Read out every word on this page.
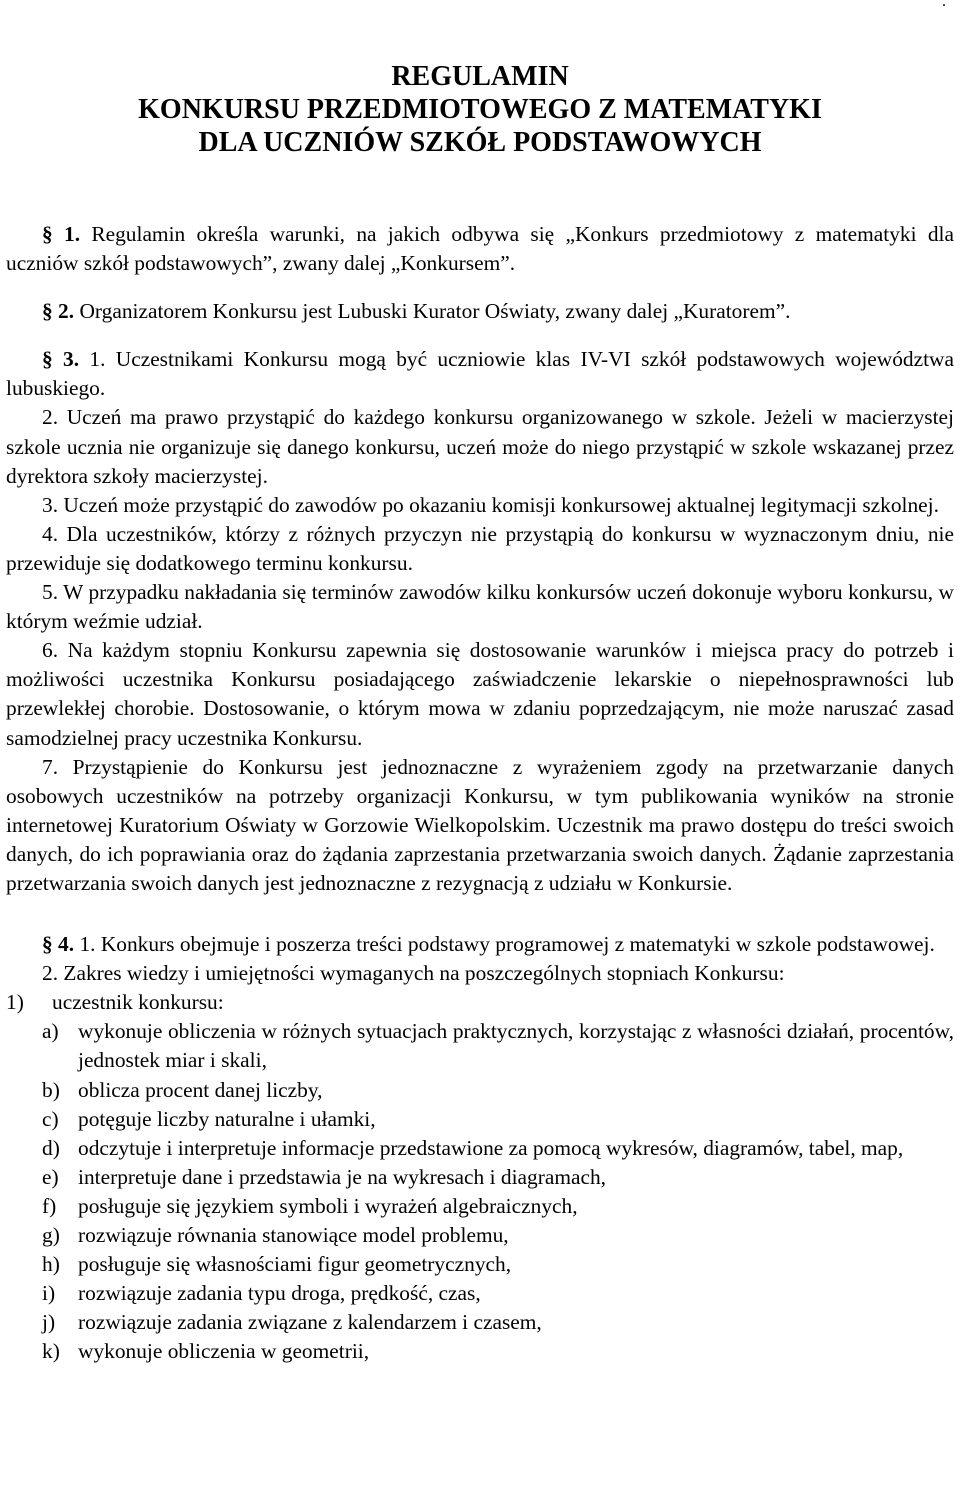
.
REGULAMIN
KONKURSU PRZEDMIOTOWEGO Z MATEMATYKI
DLA UCZNIÓW SZKÓŁ PODSTAWOWYCH

§ 1. Regulamin określa warunki, na jakich odbywa się „Konkurs przedmiotowy z matematyki dla uczniów szkół podstawowych”, zwany dalej „Konkursem”.

§ 2. Organizatorem Konkursu jest Lubuski Kurator Oświaty, zwany dalej „Kuratorem”.

§ 3. 1. Uczestnikami Konkursu mogą być uczniowie klas IV-VI szkół podstawowych województwa lubuskiego.

2. Uczeń ma prawo przystąpić do każdego konkursu organizowanego w szkole. Jeżeli w macierzystej szkole ucznia nie organizuje się danego konkursu, uczeń może do niego przystąpić w szkole wskazanej przez dyrektora szkoły macierzystej.

3. Uczeń może przystąpić do zawodów po okazaniu komisji konkursowej aktualnej legitymacji szkolnej.

4. Dla uczestników, którzy z różnych przyczyn nie przystąpią do konkursu w wyznaczonym dniu, nie przewiduje się dodatkowego terminu konkursu.

5. W przypadku nakładania się terminów zawodów kilku konkursów uczeń dokonuje wyboru konkursu, w którym weźmie udział.

6. Na każdym stopniu Konkursu zapewnia się dostosowanie warunków i miejsca pracy do potrzeb i możliwości uczestnika Konkursu posiadającego zaświadczenie lekarskie o niepełnosprawności lub przewlekłej chorobie. Dostosowanie, o którym mowa w zdaniu poprzedzającym, nie może naruszać zasad samodzielnej pracy uczestnika Konkursu.

7. Przystąpienie do Konkursu jest jednoznaczne z wyrażeniem zgody na przetwarzanie danych osobowych uczestników na potrzeby organizacji Konkursu, w tym publikowania wyników na stronie internetowej Kuratorium Oświaty w Gorzowie Wielkopolskim. Uczestnik ma prawo dostępu do treści swoich danych, do ich poprawiania oraz do żądania zaprzestania przetwarzania swoich danych. Żądanie zaprzestania przetwarzania swoich danych jest jednoznaczne z rezygnacją z udziału w Konkursie.

§ 4. 1. Konkurs obejmuje i poszerza treści podstawy programowej z matematyki w szkole podstawowej.

2. Zakres wiedzy i umiejętności wymaganych na poszczególnych stopniach Konkursu:

1)	uczestnik konkursu:
a) wykonuje obliczenia w różnych sytuacjach praktycznych, korzystając z własności działań, procentów, jednostek miar i skali,
b) oblicza procent danej liczby,
c) potęguje liczby naturalne i ułamki,
d) odczytuje i interpretuje informacje przedstawione za pomocą wykresów, diagramów, tabel, map,
e) interpretuje dane i przedstawia je na wykresach i diagramach,
f)	posługuje się językiem symboli i wyrażeń algebraicznych,
g) rozwiązuje równania stanowiące model problemu,
h) posługuje się własnościami figur geometrycznych,
i)	rozwiązuje zadania typu droga, prędkość, czas,
j)	rozwiązuje zadania związane z kalendarzem i czasem,
k) wykonuje obliczenia w geometrii,
